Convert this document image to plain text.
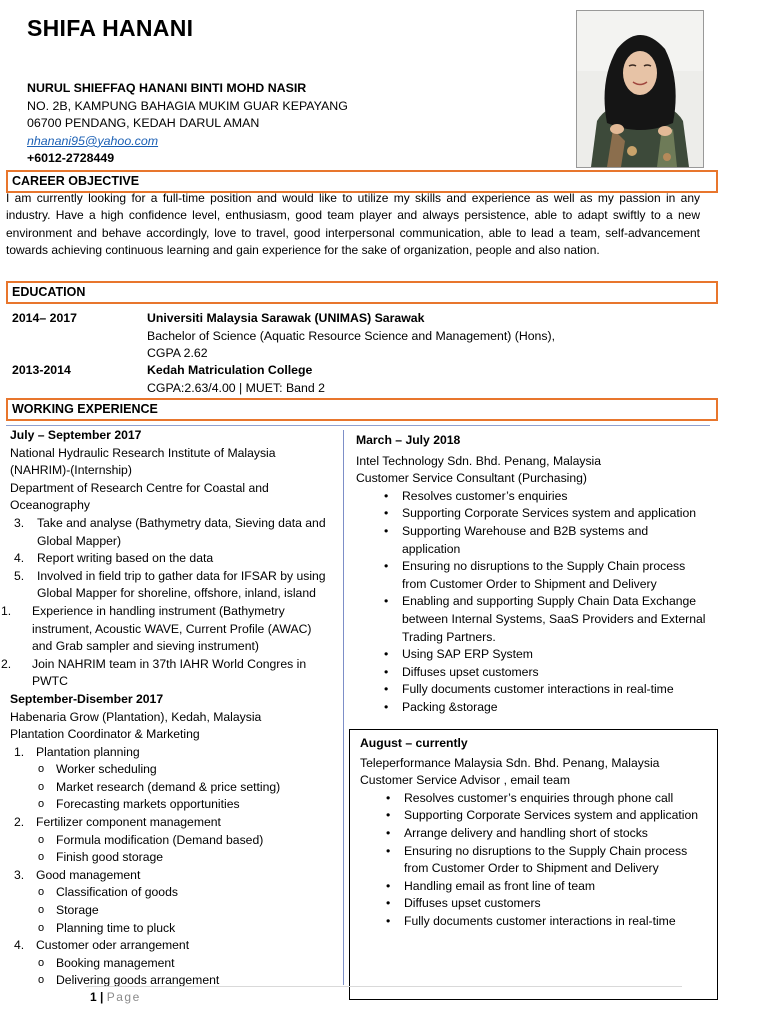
SHIFA HANANI
NURUL SHIEFFAQ HANANI BINTI MOHD NASIR
NO. 2B, KAMPUNG BAHAGIA MUKIM GUAR KEPAYANG
06700 PENDANG, KEDAH DARUL AMAN
nhanani95@yahoo.com
+6012-2728449
CAREER OBJECTIVE
I am currently looking for a full-time position and would like to utilize my skills and experience as well as my passion in any industry. Have a high confidence level, enthusiasm, good team player and always persistence, able to adapt swiftly to a new environment and behave accordingly, love to travel, good interpersonal communication, able to lead a team, self-advancement towards achieving continuous learning and gain experience for the sake of organization, people and also nation.
EDUCATION
2014– 2017	Universiti Malaysia Sarawak (UNIMAS) Sarawak
Bachelor of Science (Aquatic Resource Science and Management) (Hons),
CGPA 2.62
2013-2014	Kedah Matriculation College
CGPA:2.63/4.00 | MUET: Band 2
WORKING EXPERIENCE
July – September 2017
National Hydraulic Research Institute of Malaysia
(NAHRIM)-(Internship)
Department of Research Centre for Coastal and
Oceanography
3. Take and analyse (Bathymetry data, Sieving data and
Global Mapper)
4. Report writing based on the data
5. Involved in field trip to gather data for IFSAR by using
Global Mapper for shoreline, offshore, inland, island
1. Experience in handling instrument (Bathymetry
instrument, Acoustic WAVE, Current Profile (AWAC)
and Grab sampler and sieving instrument)
2. Join NAHRIM team in 37th IAHR World Congres in
PWTC
September-Disember 2017
Habenaria Grow (Plantation), Kedah, Malaysia
Plantation Coordinator & Marketing
1. Plantation planning
o Worker scheduling
o Market research (demand & price setting)
o Forecasting markets opportunities
2. Fertilizer component management
o Formula modification (Demand based)
o Finish good storage
3. Good management
o Classification of goods
o Storage
o Planning time to pluck
4. Customer oder arrangement
o Booking management
o Delivering goods arrangement
March – July 2018
Intel Technology Sdn. Bhd. Penang, Malaysia
Customer Service Consultant (Purchasing)
• Resolves customer’s enquiries
• Supporting Corporate Services system and application
• Supporting Warehouse and B2B systems and
application
• Ensuring no disruptions to the Supply Chain process
from Customer Order to Shipment and Delivery
• Enabling and supporting Supply Chain Data Exchange
between Internal Systems, SaaS Providers and External
Trading Partners.
• Using SAP ERP System
• Diffuses upset customers
• Fully documents customer interactions in real-time
• Packing &storage
August – currently
Teleperformance Malaysia Sdn. Bhd. Penang, Malaysia
Customer Service Advisor , email team
• Resolves customer’s enquiries through phone call
• Supporting Corporate Services system and application
• Arrange delivery and handling short of stocks
• Ensuring no disruptions to the Supply Chain process
from Customer Order to Shipment and Delivery
• Handling email as front line of team
• Diffuses upset customers
• Fully documents customer interactions in real-time
1 | Page
